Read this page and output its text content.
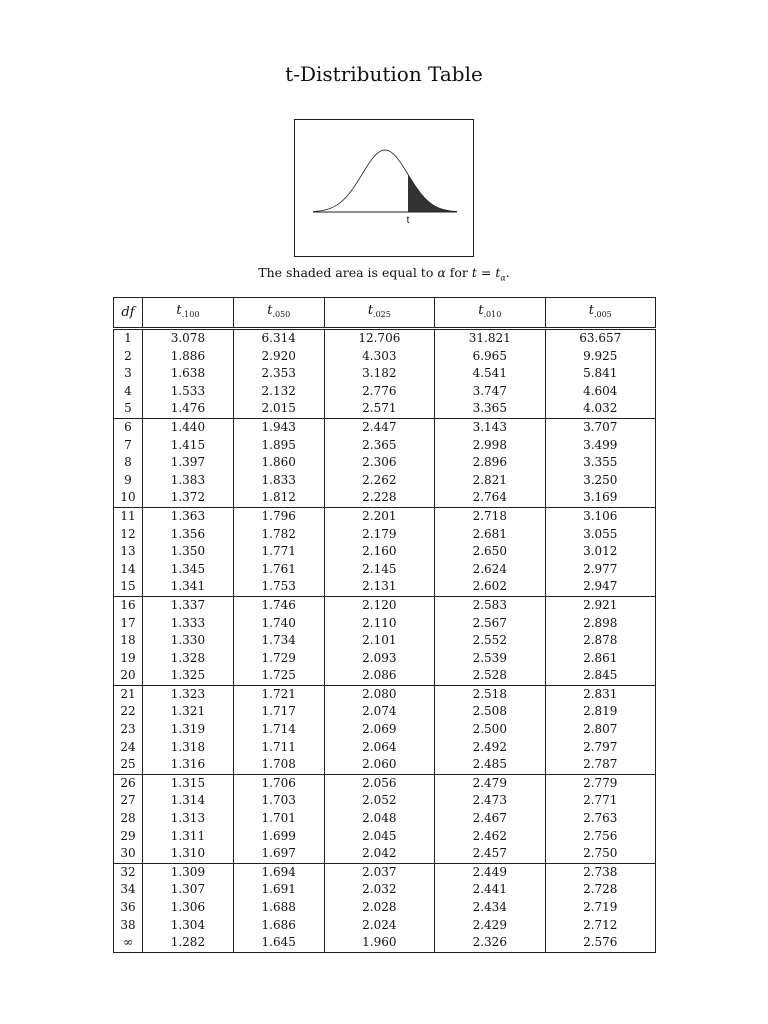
t-Distribution Table
t
The shaded area is equal to α for $t = t_\alpha$.
df	$t_{.100}$	$t_{.050}$	$t_{.025}$	$t_{.010}$	$t_{.005}$
1	3.078	6.314	12.706	31.821	63.657
2	1.886	2.920	4.303	6.965	9.925
3	1.638	2.353	3.182	4.541	5.841
4	1.533	2.132	2.776	3.747	4.604
5	1.476	2.015	2.571	3.365	4.032
6	1.440	1.943	2.447	3.143	3.707
7	1.415	1.895	2.365	2.998	3.499
8	1.397	1.860	2.306	2.896	3.355
9	1.383	1.833	2.262	2.821	3.250
10	1.372	1.812	2.228	2.764	3.169
11	1.363	1.796	2.201	2.718	3.106
12	1.356	1.782	2.179	2.681	3.055
13	1.350	1.771	2.160	2.650	3.012
14	1.345	1.761	2.145	2.624	2.977
15	1.341	1.753	2.131	2.602	2.947
16	1.337	1.746	2.120	2.583	2.921
17	1.333	1.740	2.110	2.567	2.898
18	1.330	1.734	2.101	2.552	2.878
19	1.328	1.729	2.093	2.539	2.861
20	1.325	1.725	2.086	2.528	2.845
21	1.323	1.721	2.080	2.518	2.831
22	1.321	1.717	2.074	2.508	2.819
23	1.319	1.714	2.069	2.500	2.807
24	1.318	1.711	2.064	2.492	2.797
25	1.316	1.708	2.060	2.485	2.787
26	1.315	1.706	2.056	2.479	2.779
27	1.314	1.703	2.052	2.473	2.771
28	1.313	1.701	2.048	2.467	2.763
29	1.311	1.699	2.045	2.462	2.756
30	1.310	1.697	2.042	2.457	2.750
32	1.309	1.694	2.037	2.449	2.738
34	1.307	1.691	2.032	2.441	2.728
36	1.306	1.688	2.028	2.434	2.719
38	1.304	1.686	2.024	2.429	2.712
∞	1.282	1.645	1.960	2.326	2.576
